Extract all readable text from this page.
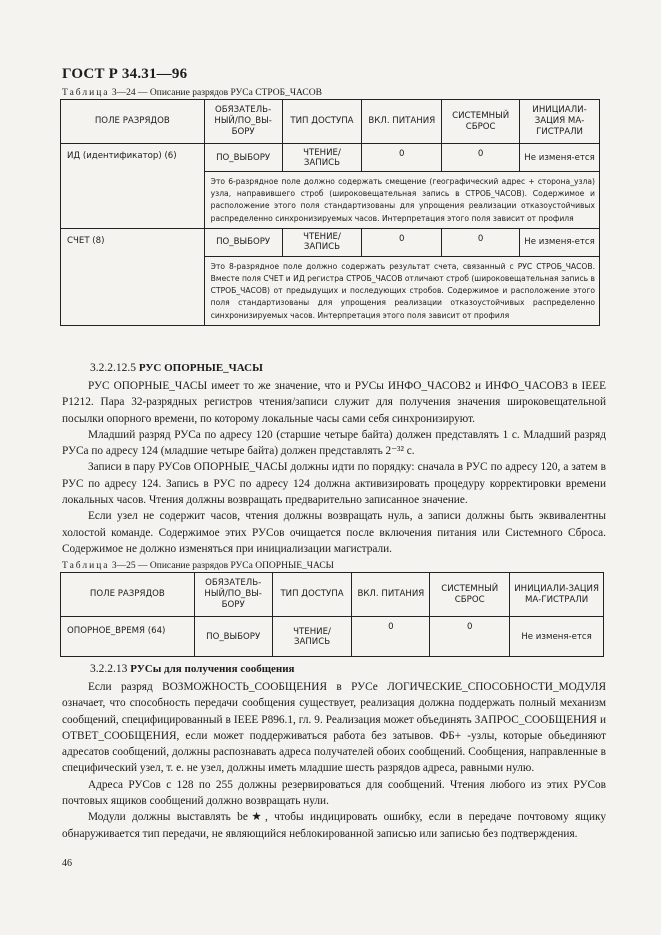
ГОСТ Р 34.31—96
Таблица 3—24 — Описание разрядов РУСа СТРОБ_ЧАСОВ
ПОЛЕ РАЗРЯДОВ	ОБЯЗАТЕЛЬ-НЫЙ/ПО_ВЫ-БОРУ	ТИП ДОСТУПА	ВКЛ. ПИТАНИЯ	СИСТЕМНЫЙ СБРОС	ИНИЦИАЛИ-ЗАЦИЯ МА-ГИСТРАЛИ
ИД (идентификатор) (6)	ПО_ВЫБОРУ	ЧТЕНИЕ/ ЗАПИСЬ	0	0	Не изменя-ется
	Это 6-разрядное поле должно содержать смещение (географический адрес + сторона_узла) узла, направившего строб (широковещательная запись в СТРОБ_ЧАСОВ). Содержимое и расположение этого поля стандартизованы для упрощения реализации отказоустойчивых распределенно синхронизируемых часов. Интерпретация этого поля зависит от профиля				
СЧЕТ (8)	ПО_ВЫБОРУ	ЧТЕНИЕ/ ЗАПИСЬ	0	0	Не изменя-ется
	Это 8-разрядное поле должно содержать результат счета, связанный с РУС СТРОБ_ЧАСОВ. Вместе поля СЧЕТ и ИД регистра СТРОБ_ЧАСОВ отличают строб (широковещательная запись в СТРОБ_ЧАСОВ) от предыдущих и последующих стробов. Содержимое и расположение этого поля стандартизованы для упрощения реализации отказоустойчивых распределенно синхронизируемых часов. Интерпретация этого поля зависит от профиля				
3.2.2.12.5 РУС ОПОРНЫЕ_ЧАСЫ

РУС ОПОРНЫЕ_ЧАСЫ имеет то же значение, что и РУСы ИНФО_ЧАСОВ2 и ИНФО_ЧАСОВ3 в IEEE P1212. Пара 32-разрядных регистров чтения/записи служит для получения значения широковещательной посылки опорного времени, по которому локальные часы сами себя синхронизируют.

Младший разряд РУСа по адресу 120 (старшие четыре байта) должен представлять 1 с. Младший разряд РУСа по адресу 124 (младшие четыре байта) должен представлять 2⁻³² с.

Записи в пару РУСов ОПОРНЫЕ_ЧАСЫ должны идти по порядку: сначала в РУС по адресу 120, а затем в РУС по адресу 124. Запись в РУС по адресу 124 должна активизировать процедуру корректировки времени локальных часов. Чтения должны возвращать предварительно записанное значение.

Если узел не содержит часов, чтения должны возвращать нуль, а записи должны быть эквивалентны холостой команде. Содержимое этих РУСов очищается после включения питания или Системного Сброса. Содержимое не должно изменяться при инициализации магистрали.

Таблица 3—25 — Описание разрядов РУСа ОПОРНЫЕ_ЧАСЫ
ПОЛЕ РАЗРЯДОВ	ОБЯЗАТЕЛЬ-НЫЙ/ПО_ВЫ-БОРУ	ТИП ДОСТУПА	ВКЛ. ПИТАНИЯ	СИСТЕМНЫЙ СБРОС	ИНИЦИАЛИ-ЗАЦИЯ МА-ГИСТРАЛИ
ОПОРНОЕ_ВРЕМЯ (64)	ПО_ВЫБОРУ	ЧТЕНИЕ/ ЗАПИСЬ	0	0	Не изменя-ется
3.2.2.13 РУСы для получения сообщения

Если разряд ВОЗМОЖНОСТЬ_СООБЩЕНИЯ в РУСе ЛОГИЧЕСКИЕ_СПОСОБНОСТИ_МОДУЛЯ означает, что способность передачи сообщения существует, реализация должна поддержать полный механизм сообщений, специфицированный в IEEE P896.1, гл. 9. Реализация может объединять ЗАПРОС_СООБЩЕНИЯ и ОТВЕТ_СООБЩЕНИЯ, если может поддерживаться работа без затывов. ФБ+ -узлы, которые обьединяют адресатов сообщений, должны распознавать адреса получателей обоих сообщений. Сообщения, направленные в специфический узел, т. е. не узел, должны иметь младшие шесть разрядов адреса, равными нулю.

Адреса РУСов с 128 по 255 должны резервироваться для сообщений. Чтения любого из этих РУСов почтовых ящиков сообщений должно возвращать нули.

Модули должны выставлять be★, чтобы индицировать ошибку, если в передаче почтовому ящику обнаруживается тип передачи, не являющийся неблокированной записью или записью без подтверждения.

46
